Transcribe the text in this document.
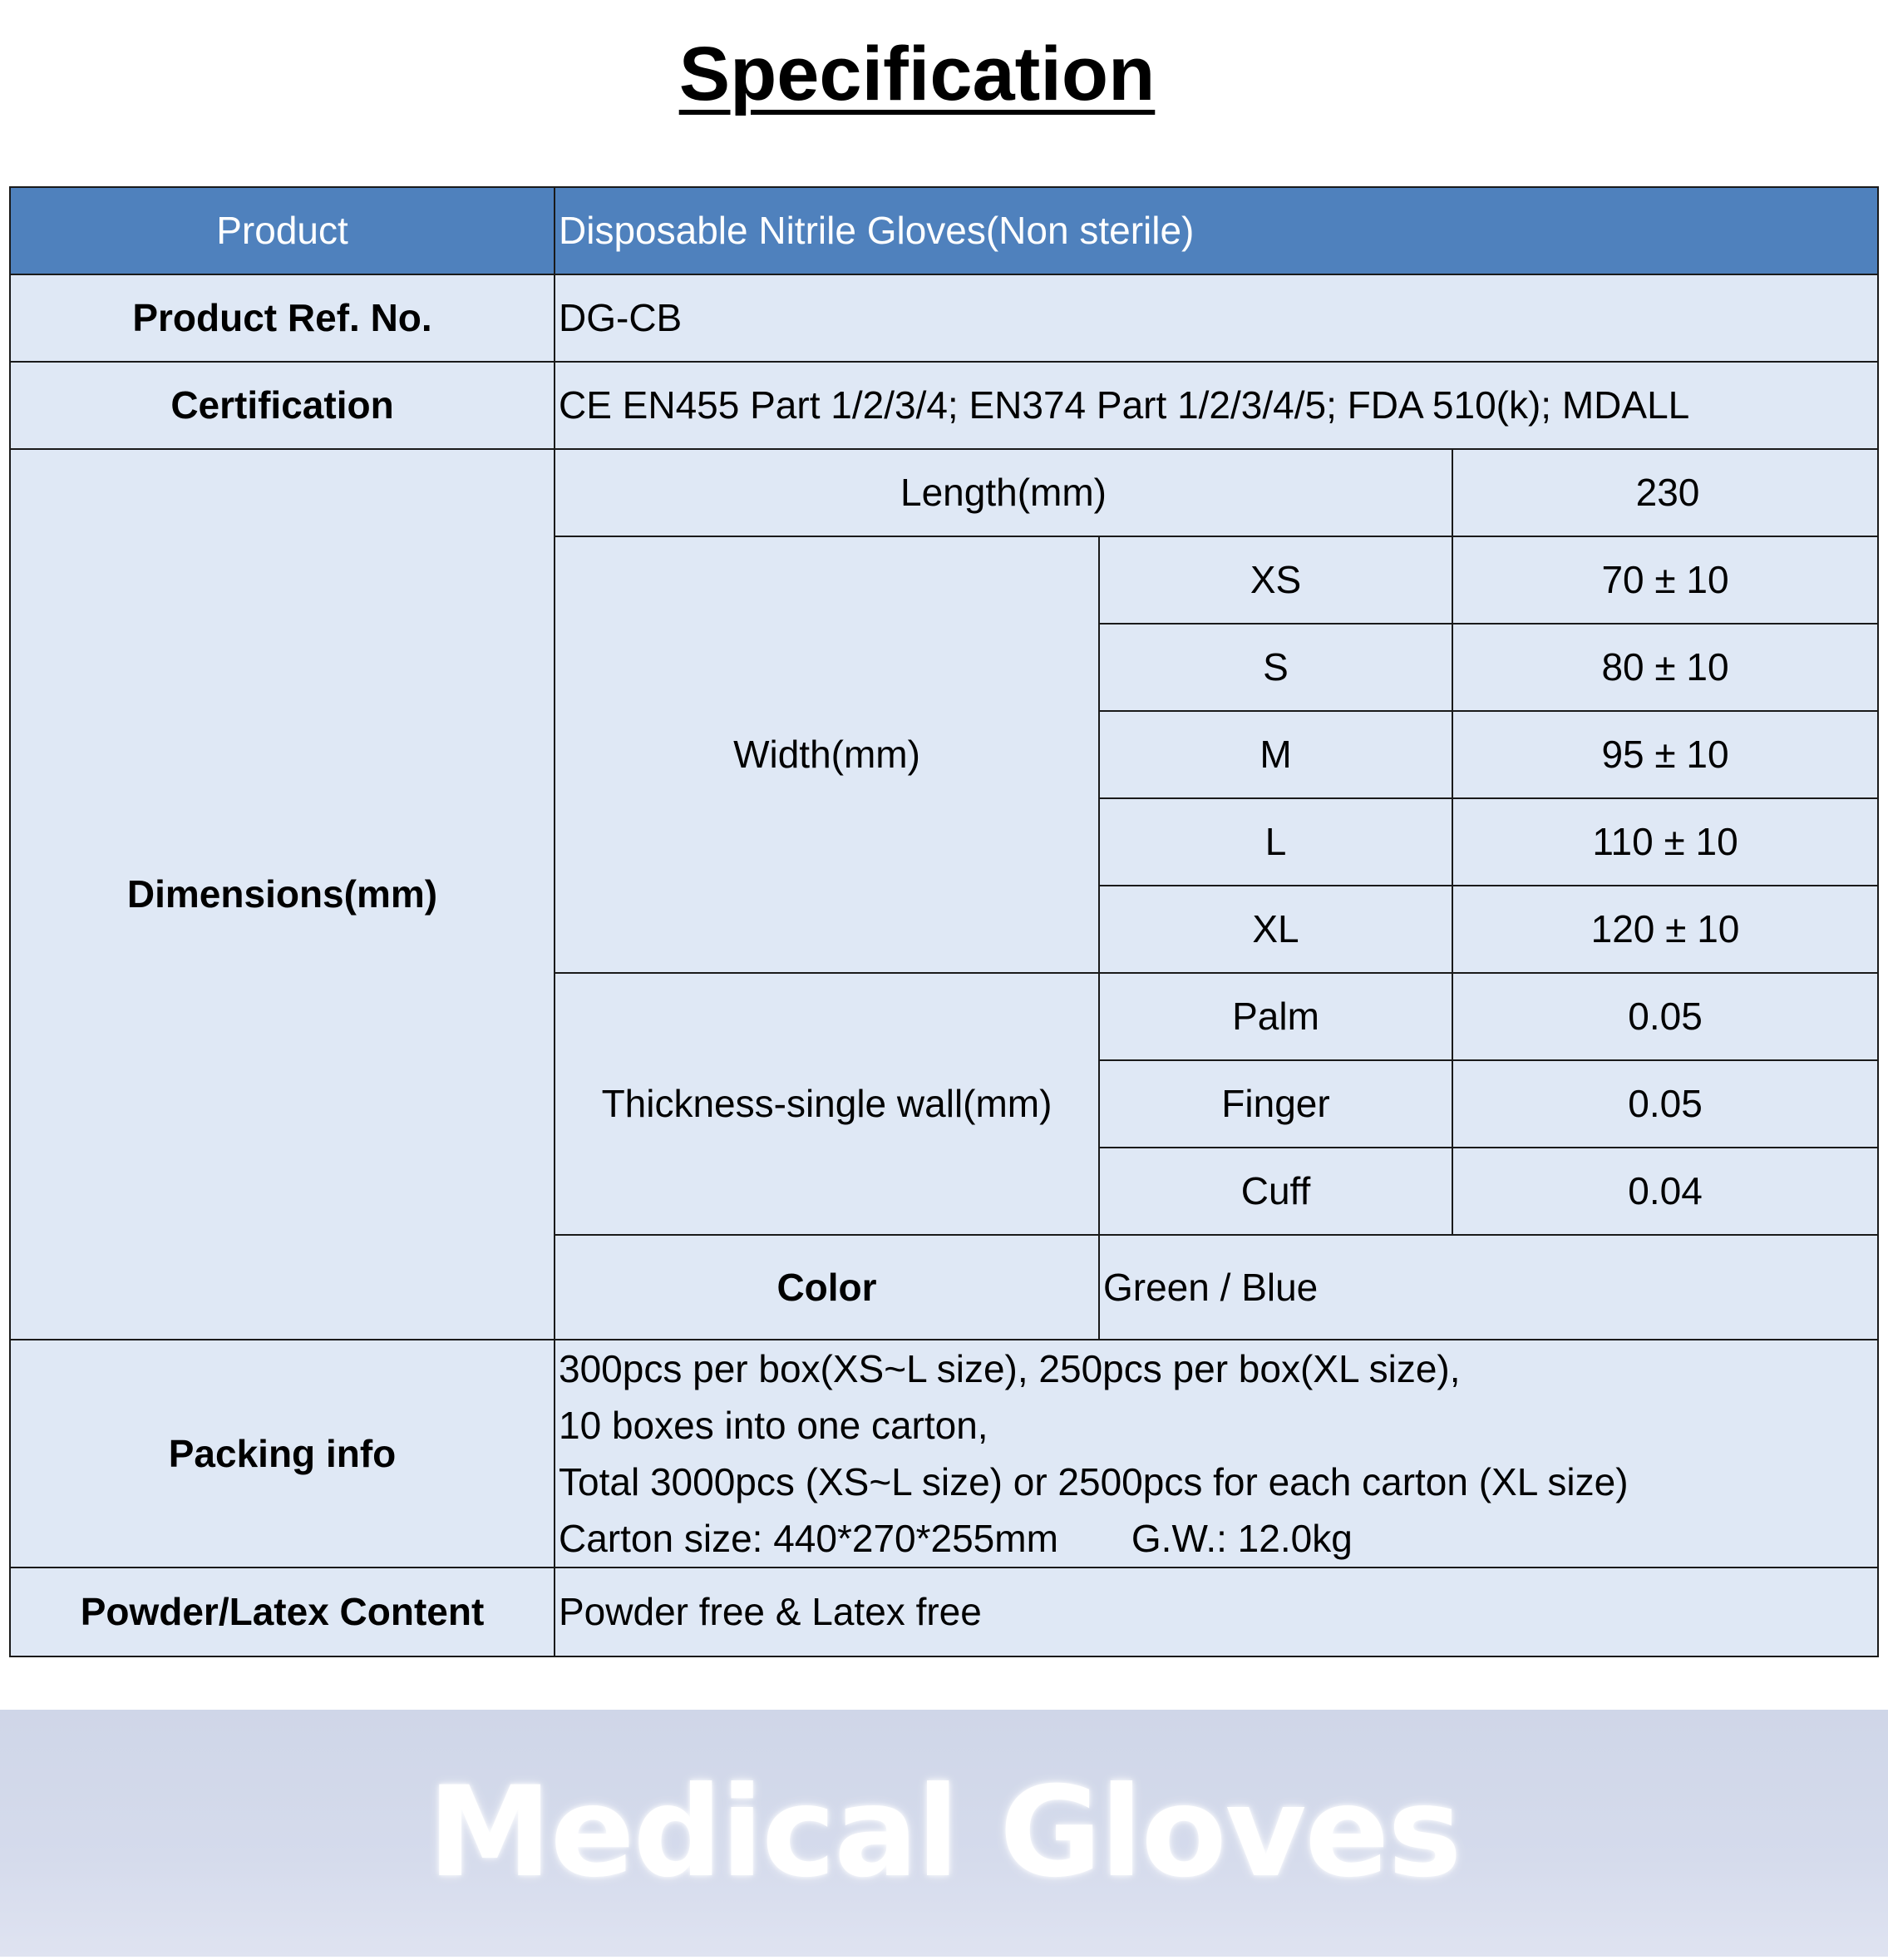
Specification
Product	Disposable Nitrile Gloves(Non sterile)		
Product Ref. No.	DG-CB		
Certification	CE EN455 Part 1/2/3/4; EN374 Part 1/2/3/4/5; FDA 510(k); MDALL		
Dimensions(mm)	Length(mm)		230
	Width(mm)	XS	70 ± 10
		S	80 ± 10
		M	95 ± 10
		L	110 ± 10
		XL	120 ± 10
	Thickness-single wall(mm)	Palm	0.05
		Finger	0.05
		Cuff	0.04
	Color	Green / Blue	
Packing info	300pcs per box(XS~L size), 250pcs per box(XL size),
10 boxes into one carton,
Total 3000pcs (XS~L size) or 2500pcs for each carton (XL size)
Carton size: 440*270*255mm G.W.: 12.0kg		

Powder/Latex Content	Powder free & Latex free		
Medical Gloves
